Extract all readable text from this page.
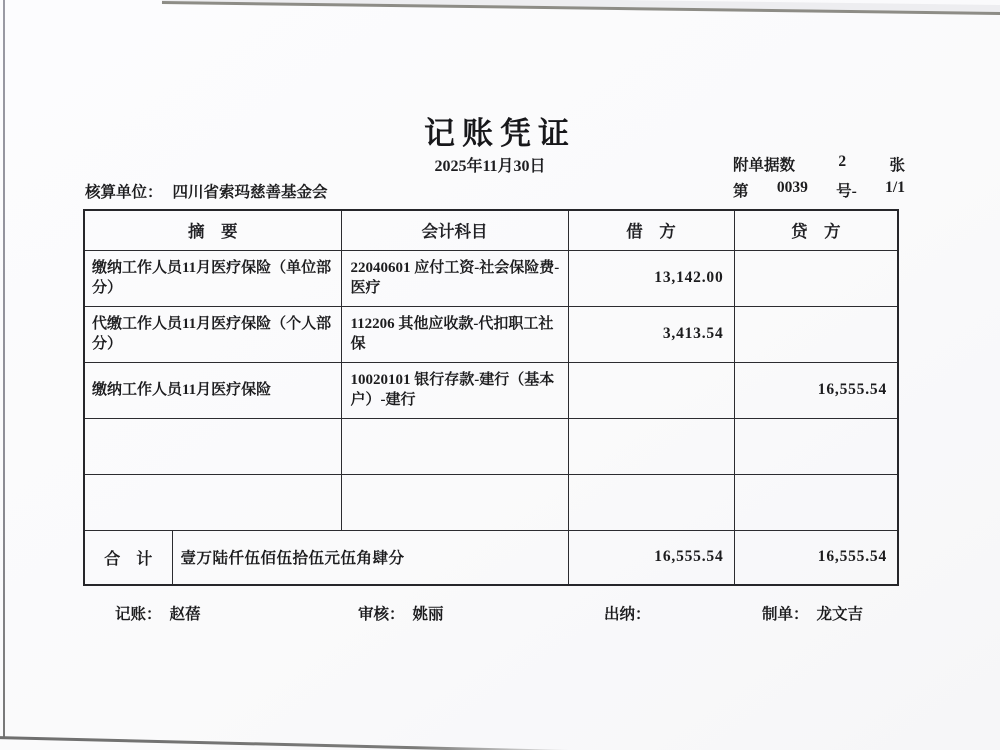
记账凭证
2025年11月30日	附单据数	2	张
第 0039 号- 1/1
核算单位： 四川省索玛慈善基金会
摘　要		会计科目	借　方	贷　方
缴纳工作人员11月医疗保险（单位部分）		22040601 应付工资-社会保险费-医疗	13,142.00	
代缴工作人员11月医疗保险（个人部分）		112206 其他应收款-代扣职工社保	3,413.54	
缴纳工作人员11月医疗保险		10020101 银行存款-建行（基本户）-建行		16,555.54

合　计	壹万陆仟伍佰伍拾伍元伍角肆分		16,555.54	16,555.54
记账： 赵蓓	审核： 姚丽	出纳：	制单： 龙文吉
